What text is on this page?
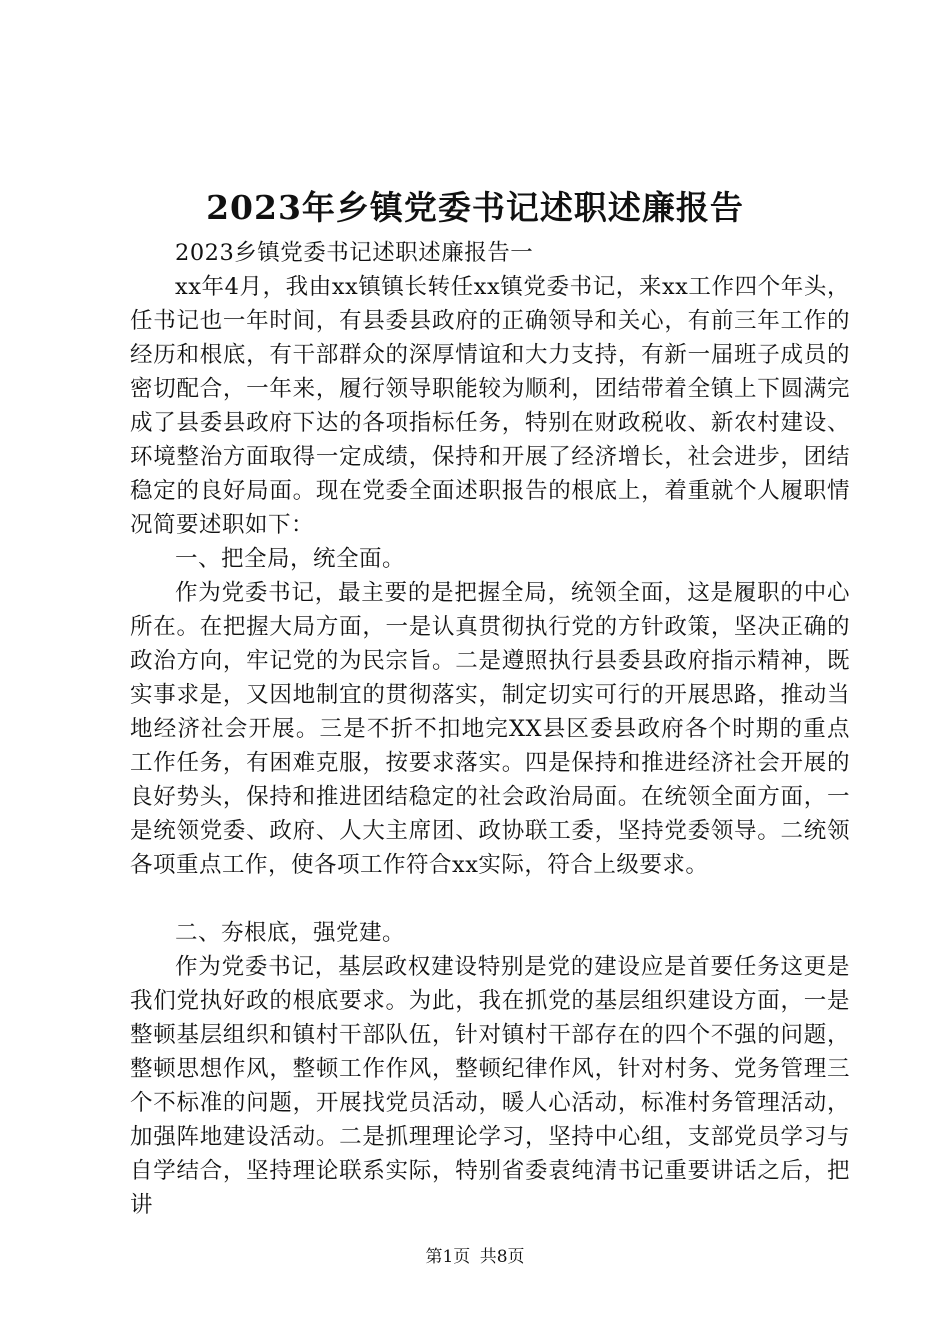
2023年乡镇党委书记述职述廉报告

2023乡镇党委书记述职述廉报告一

xx年4月，我由xx镇镇长转任xx镇党委书记，来xx工作四个年头，任书记也一年时间，有县委县政府的正确领导和关心，有前三年工作的经历和根底，有干部群众的深厚情谊和大力支持，有新一届班子成员的密切配合，一年来，履行领导职能较为顺利，团结带着全镇上下圆满完成了县委县政府下达的各项指标任务，特别在财政税收、新农村建设、环境整治方面取得一定成绩，保持和开展了经济增长，社会进步，团结稳定的良好局面。现在党委全面述职报告的根底上，着重就个人履职情况简要述职如下：

一、把全局，统全面。

作为党委书记，最主要的是把握全局，统领全面，这是履职的中心所在。在把握大局方面，一是认真贯彻执行党的方针政策，坚决正确的政治方向，牢记党的为民宗旨。二是遵照执行县委县政府指示精神，既实事求是，又因地制宜的贯彻落实，制定切实可行的开展思路，推动当地经济社会开展。三是不折不扣地完XX县区委县政府各个时期的重点工作任务，有困难克服，按要求落实。四是保持和推进经济社会开展的良好势头，保持和推进团结稳定的社会政治局面。在统领全面方面，一是统领党委、政府、人大主席团、政协联工委，坚持党委领导。二统领各项重点工作，使各项工作符合xx实际，符合上级要求。

二、夯根底，强党建。

作为党委书记，基层政权建设特别是党的建设应是首要任务这更是我们党执好政的根底要求。为此，我在抓党的基层组织建设方面，一是整顿基层组织和镇村干部队伍，针对镇村干部存在的四个不强的问题，整顿思想作风，整顿工作作风，整顿纪律作风，针对村务、党务管理三个不标准的问题，开展找党员活动，暖人心活动，标准村务管理活动，加强阵地建设活动。二是抓理理论学习，坚持中心组，支部党员学习与自学结合，坚持理论联系实际，特别省委袁纯清书记重要讲话之后，把讲

第1页 共8页
